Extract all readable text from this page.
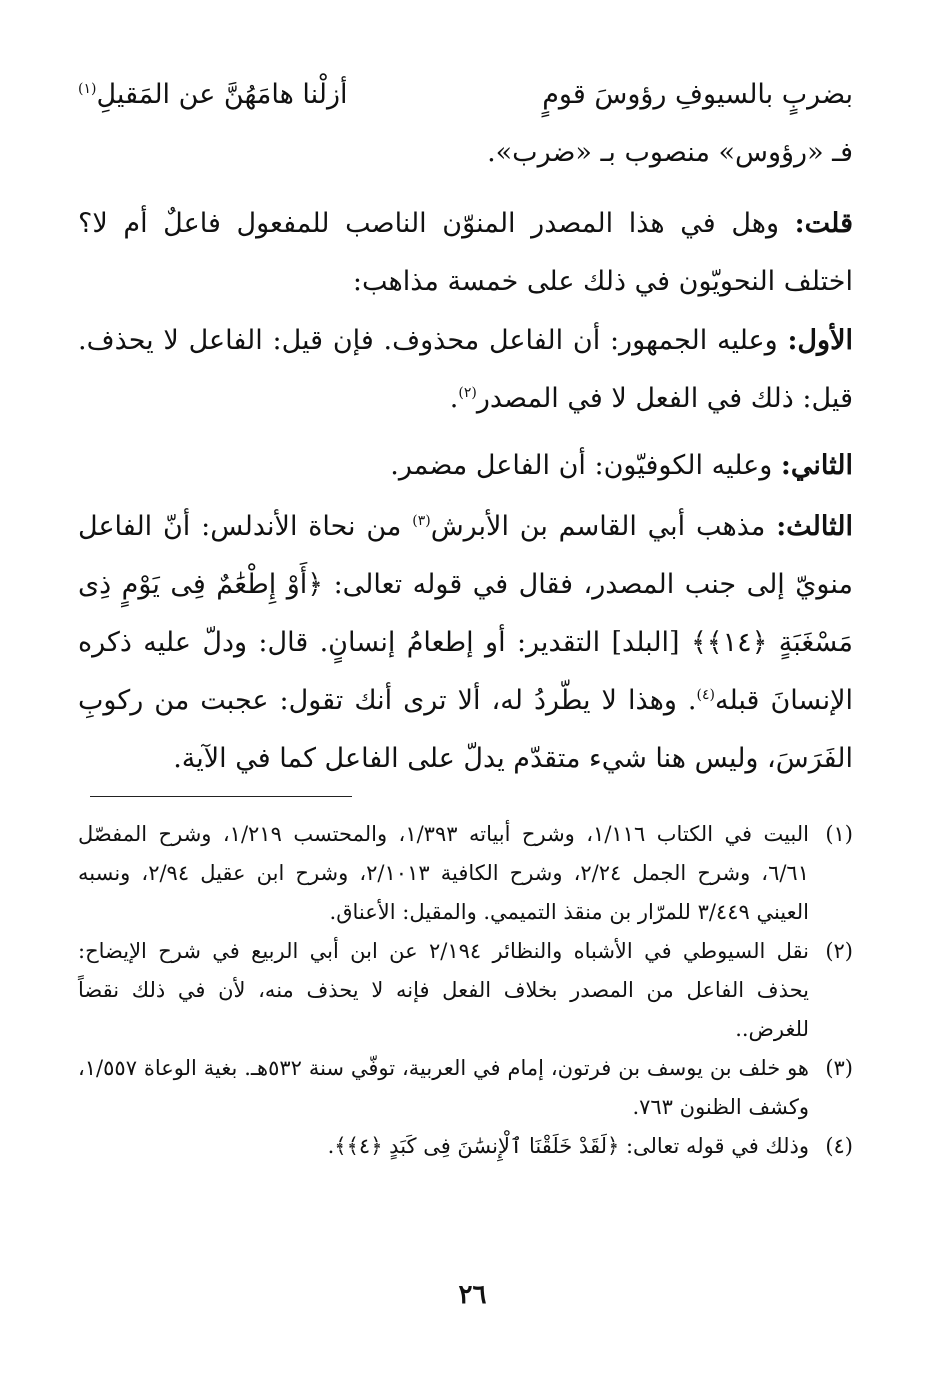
بضربٍ بالسيوفِ رؤوسَ قومٍ
أزلْنا هامَهُنَّ عن المَقيلِ$^{(١)}$
فـ «رؤوس» منصوب بـ «ضرب».
قلت: وهل في هذا المصدر المنوّن الناصب للمفعول فاعلٌ أم لا؟ اختلف النحويّون في ذلك على خمسة مذاهب:
الأول: وعليه الجمهور: أن الفاعل محذوف. فإن قيل: الفاعل لا يحذف. قيل: ذلك في الفعل لا في المصدر$^{(٢)}$.
الثاني: وعليه الكوفيّون: أن الفاعل مضمر.
الثالث: مذهب أبي القاسم بن الأبرش$^{(٣)}$ من نحاة الأندلس: أنّ الفاعل منويّ إلى جنب المصدر، فقال في قوله تعالى: ﴿أَوْ إِطْعَٰمٌ فِى يَوْمٍ ذِى مَسْغَبَةٍ ﴿١٤﴾﴾ [البلد] التقدير: أو إطعامُ إنسانٍ. قال: ودلّ عليه ذكره الإنسانَ قبله$^{(٤)}$. وهذا لا يطّردُ له، ألا ترى أنك تقول: عجبت من ركوبِ الفَرَسَ، وليس هنا شيء متقدّم يدلّ على الفاعل كما في الآية.
(١)
البيت في الكتاب ١/١١٦، وشرح أبياته ١/٣٩٣، والمحتسب ١/٢١٩، وشرح المفصّل ٦/٦١، وشرح الجمل ٢/٢٤، وشرح الكافية ٢/١٠١٣، وشرح ابن عقيل ٢/٩٤، ونسبه العيني ٣/٤٤٩ للمرّار بن منقذ التميمي. والمقيل: الأعناق.
(٢)
نقل السيوطي في الأشباه والنظائر ٢/١٩٤ عن ابن أبي الربيع في شرح الإيضاح: يحذف الفاعل من المصدر بخلاف الفعل فإنه لا يحذف منه، لأن في ذلك نقضاً للغرض..
(٣)
هو خلف بن يوسف بن فرتون، إمام في العربية، توفّي سنة ٥٣٢هـ. بغية الوعاة ١/٥٥٧، وكشف الظنون ٧٦٣.
(٤)
وذلك في قوله تعالى: ﴿لَقَدْ خَلَقْنَا ٱلْإِنسَٰنَ فِى كَبَدٍ ﴿٤﴾﴾.
٢٦
